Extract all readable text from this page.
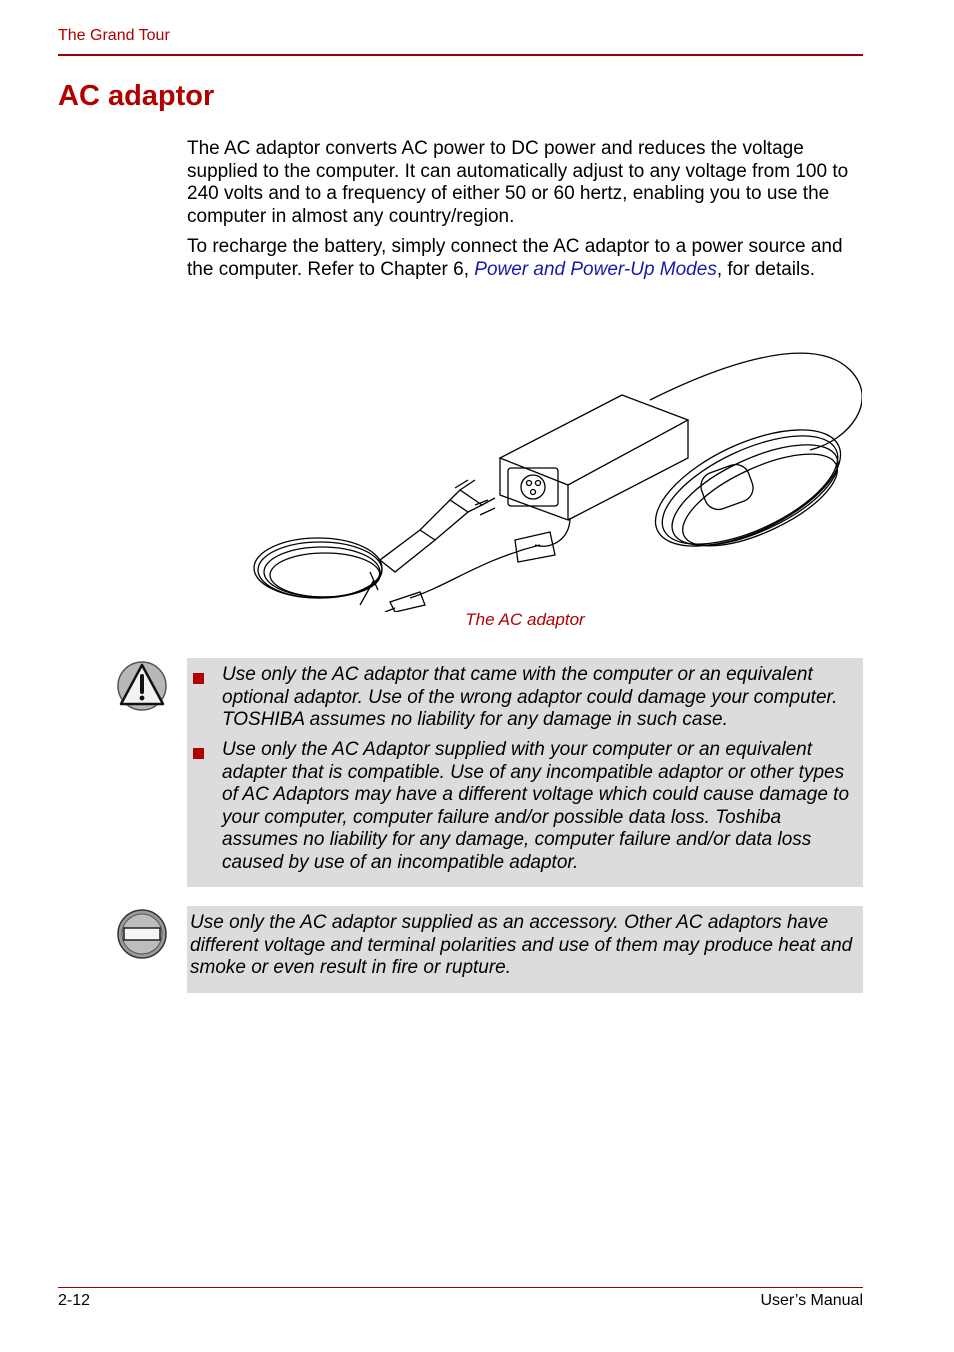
The Grand Tour
AC adaptor

The AC adaptor converts AC power to DC power and reduces the voltage supplied to the computer. It can automatically adjust to any voltage from 100 to 240 volts and to a frequency of either 50 or 60 hertz, enabling you to use the computer in almost any country/region.

To recharge the battery, simply connect the AC adaptor to a power source and the computer. Refer to Chapter 6, Power and Power-Up Modes, for details.

The AC adaptor
Use only the AC adaptor that came with the computer or an equivalent optional adaptor. Use of the wrong adaptor could damage your computer. TOSHIBA assumes no liability for any damage in such case.
Use only the AC Adaptor supplied with your computer or an equivalent adapter that is compatible. Use of any incompatible adaptor or other types of AC Adaptors may have a different voltage which could cause damage to your computer, computer failure and/or possible data loss. Toshiba assumes no liability for any damage, computer failure and/or data loss caused by use of an incompatible adaptor.

Use only the AC adaptor supplied as an accessory. Other AC adaptors have different voltage and terminal polarities and use of them may produce heat and smoke or even result in fire or rupture.

2-12	User’s Manual
